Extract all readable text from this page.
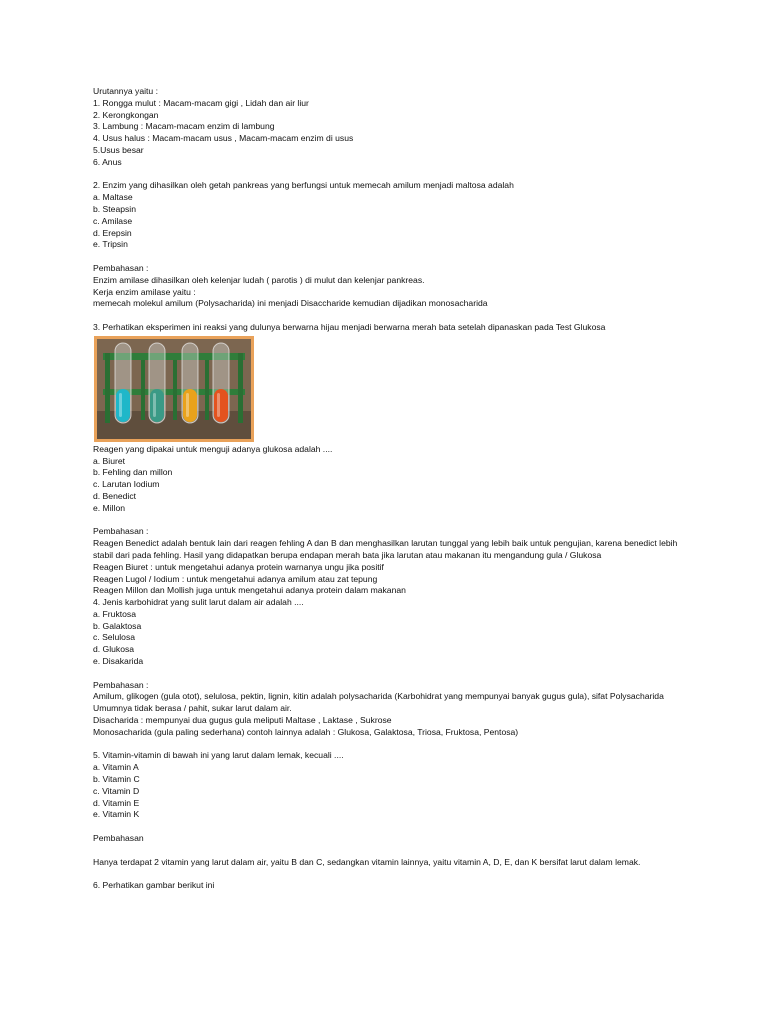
Urutannya yaitu :
1. Rongga mulut : Macam-macam gigi , Lidah dan air liur
2. Kerongkongan
3. Lambung : Macam-macam enzim di lambung
4. Usus halus : Macam-macam usus , Macam-macam enzim di usus
5.Usus besar
6. Anus
2. Enzim yang dihasilkan oleh getah pankreas yang berfungsi untuk memecah amilum menjadi maltosa adalah
a. Maltase
b. Steapsin
c. Amilase
d. Erepsin
e. Tripsin
Pembahasan :
Enzim amilase dihasilkan oleh kelenjar ludah ( parotis ) di mulut dan kelenjar pankreas.
Kerja enzim amilase yaitu :
memecah molekul amilum (Polysacharida) ini menjadi Disaccharide kemudian dijadikan monosacharida
3. Perhatikan eksperimen ini reaksi yang dulunya berwarna hijau menjadi berwarna merah bata setelah dipanaskan pada Test Glukosa
Reagen yang dipakai untuk menguji adanya glukosa adalah ....
a. Biuret
b. Fehling dan millon
c. Larutan Iodium
d. Benedict
e. Millon
Pembahasan :
Reagen Benedict adalah bentuk lain dari reagen fehling A dan B dan menghasilkan larutan tunggal yang lebih baik untuk pengujian, karena benedict lebih stabil dari pada fehling. Hasil yang didapatkan berupa endapan merah bata jika larutan atau makanan itu mengandung gula / Glukosa
Reagen Biuret : untuk mengetahui adanya protein warnanya ungu jika positif
Reagen Lugol / Iodium : untuk mengetahui adanya amilum atau zat tepung
Reagen Millon dan Mollish juga untuk mengetahui adanya protein dalam makanan
4. Jenis karbohidrat yang sulit larut dalam air adalah ....
a. Fruktosa
b. Galaktosa
c. Selulosa
d. Glukosa
e. Disakarida
Pembahasan :
Amilum, glikogen (gula otot), selulosa, pektin, lignin, kitin adalah polysacharida (Karbohidrat yang mempunyai banyak gugus gula), sifat Polysacharida Umumnya tidak berasa / pahit, sukar larut dalam air.
Disacharida : mempunyai dua gugus gula meliputi Maltase , Laktase , Sukrose
Monosacharida (gula paling sederhana) contoh lainnya adalah : Glukosa, Galaktosa, Triosa, Fruktosa, Pentosa)
5. Vitamin-vitamin di bawah ini yang larut dalam lemak, kecuali ....
a. Vitamin A
b. Vitamin C
c. Vitamin D
d. Vitamin E
e. Vitamin K
Pembahasan
Hanya terdapat 2 vitamin yang larut dalam air, yaitu B dan C, sedangkan vitamin lainnya, yaitu vitamin A, D, E, dan K bersifat larut dalam lemak.
6. Perhatikan gambar berikut ini
